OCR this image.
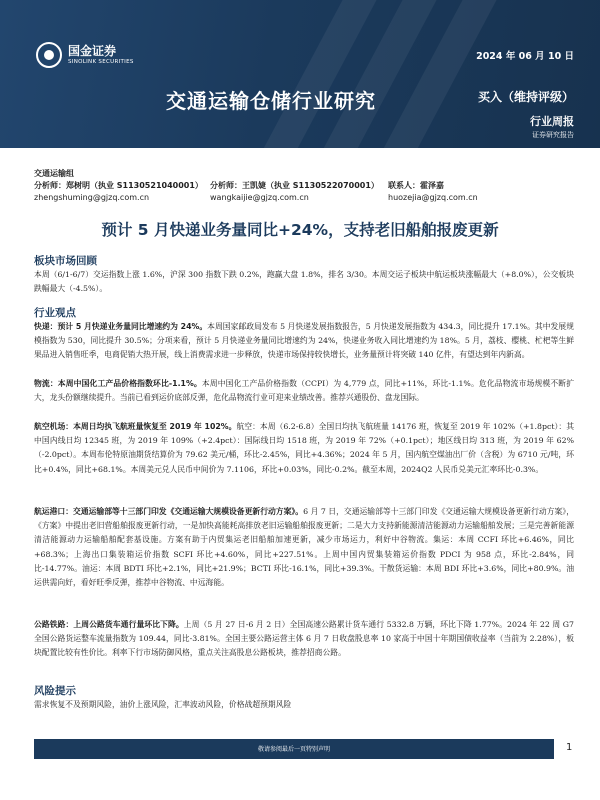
国金证券
SINOLINK SECURITIES	2024 年 06 月 10 日
交通运输仓储行业研究	买入（维持评级）
行业周报
证券研究报告
交通运输组
分析师：郑树明（执业 S1130521040001） 分析师：王凯婕（执业 S1130522070001）	联系人：霍泽嘉
zhengshuming@gjzq.com.cn	wangkaijie@gjzq.com.cn	huozejia@gjzq.com.cn
预计 5 月快递业务量同比+24%，支持老旧船舶报废更新
板块市场回顾
本周（6/1-6/7）交运指数上涨 1.6%，沪深 300 指数下跌 0.2%，跑赢大盘 1.8%，排名 3/30。本周交运子板块中航运板块涨幅最大（+8.0%），公交板块跌幅最大（-4.5%）。
行业观点
快递：预计 5 月快递业务量同比增速约为 24%。本周国家邮政局发布 5 月快递发展指数报告，5 月快递发展指数为 434.3，同比提升 17.1%。其中发展规模指数为 530，同比提升 30.5%；分项来看，预计 5 月快递业务量同比增速约为 24%，快递业务收入同比增速约为 18%。5 月，荔枝、樱桃、杧杷等生鲜果品进入销售旺季，电商促销大热开展，线上消费需求进一步释放，快递市场保持较快增长，业务量预计将突破 140 亿件，有望达到年内新高。
物流：本周中国化工产品价格指数环比-1.1%。本周中国化工产品价格指数（CCPI）为 4,779 点，同比+11%，环比-1.1%。危化品物流市场规模不断扩大，龙头份额继续提升。当前已看到运价底部反弹，危化品物流行业可迎来业绩改善。推荐兴通股份、盘龙国际。
航空机场：本周日均执飞航班量恢复至 2019 年 102%。航空：本周（6.2-6.8）全国日均执飞航班量 14176 班，恢复至 2019 年 102%（+1.8pct）：其中国内线日均 12345 班，为 2019 年 109%（+2.4pct）：国际线日均 1518 班，为 2019 年 72%（+0.1pct）；地区线日均 313 班，为 2019 年 62%（-2.0pct）。本周布伦特原油期货结算价为 79.62 美元/桶，环比-2.45%，同比+4.36%；2024 年 5 月，国内航空煤油出厂价（含税）为 6710 元/吨，环比+0.4%，同比+68.1%。本周美元兑人民币中间价为 7.1106，环比+0.03%，同比-0.2%。截至本周，2024Q2 人民币兑美元汇率环比-0.3%。
航运港口：交通运输部等十三部门印发《交通运输大规模设备更新行动方案》。6 月 7 日，交通运输部等十三部门印发《交通运输大规模设备更新行动方案》，《方案》中提出老旧营船舶报废更新行动，一是加快高能耗高排放老旧运输船舶报废更新；二是大力支持新能源清洁能源动力运输船舶发展；三是完善新能源清洁能源动力运输船舶配套基设施。方案有助于内贸集运老旧船舶加速更新，减少市场运力，利好中谷物流。集运：本周 CCFI 环比+6.46%，同比+68.3%；上海出口集装箱运价指数 SCFI 环比+4.60%，同比+227.51%。上周中国内贸集装箱运价指数 PDCI 为 958 点，环比-2.84%，同比-14.77%。油运：本周 BDTI 环比+2.1%，同比+21.9%；BCTI 环比-16.1%，同比+39.3%。干散货运输：本周 BDI 环比+3.6%，同比+80.9%。油运供需向好，看好旺季反弹，推荐中谷物流、中远海能。
公路铁路：上周公路货车通行量环比下降。上周（5 月 27 日-6 月 2 日）全国高速公路累计货车通行 5332.8 万辆，环比下降 1.77%。2024 年 22 周 G7 全国公路货运整车流量指数为 109.44，同比-3.81%。全国主要公路运营主体 6 月 7 日收盘股息率 10 家高于中国十年期国债收益率（当前为 2.28%），板块配置比较有性价比。利率下行市场防御风格，重点关注高股息公路板块，推荐招商公路。
风险提示
需求恢复不及预期风险，油价上涨风险，汇率波动风险，价格战超预期风险
敬请参阅最后一页特别声明	1
